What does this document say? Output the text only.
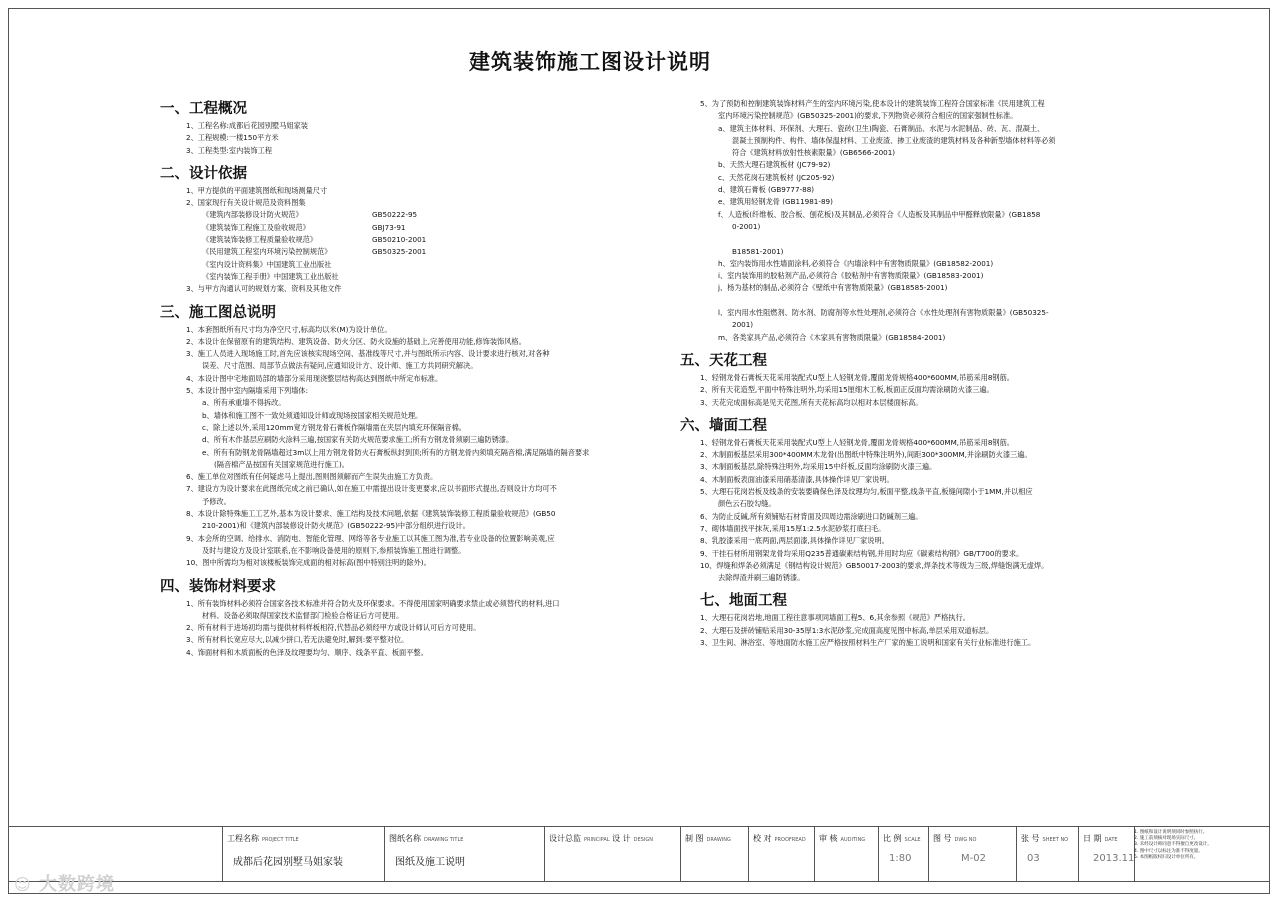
建筑装饰施工图设计说明
一、工程概况

1、工程名称:成都后花园别墅马姐家装

2、工程规模:一楼150平方米

3、工程类型:室内装饰工程

二、设计依据

1、甲方提供的平面建筑图纸和现场测量尺寸

2、国家现行有关设计规范及资料图集

《建筑内部装修设计防火规范》	GB50222-95

《建筑装饰工程施工及验收规范》	GBJ73-91

《建筑装饰装修工程质量验收规范》	GB50210-2001

《民用建筑工程室内环境污染控制规范》	GB50325-2001

《室内设计资料集》中国建筑工业出版社

《室内装饰工程手册》中国建筑工业出版社

3、与甲方沟通认可的规划方案、资料及其他文件

三、施工图总说明

1、本套图纸所有尺寸均为净空尺寸,标高均以米(M)为设计单位。

2、本设计在保留原有的建筑结构、建筑设备、防火分区、防火设施的基础上,完善使用功能,修饰装饰风格。

3、施工人员进入现场施工时,首先应该核实现场空间、基准线等尺寸,并与图纸所示内容、设计要求进行核对,对各种

误差、尺寸范围、局部节点做法有疑问,应通知设计方、设计师、施工方共同研究解决。

4、本设计图中宅地面局部的墙部分采用现浇整层结构高达到图纸中所定布标准。

5、本设计图中室内隔墙采用下列墙体:

a、所有承重墙不得拆改。

b、墙体和施工图不一致处须通知设计师或现场按国家相关规范处理。

c、除上述以外,采用120mm宽方钢龙骨石膏板作隔墙需在夹层内填充环保隔音棉。

d、所有木作基层应刷防火涂料三遍,按国家有关防火规范要求施工;所有方钢龙骨须刷三遍防锈漆。

e、所有有防钢龙骨隔墙超过3m以上用方钢龙骨防火石膏板纵封到顶;所有的方钢龙骨内须填充隔音棉,满足隔墙的隔音要求

(隔音棉产品按国有关国家规范进行施工)。

6、施工单位对图纸有任何疑虑马上提出,图则图须解而产生误失由施工方负责。

7、建设方为设计要求在此图纸完成之前已确认,如在施工中需提出设计变更要求,应以书面形式提出,否则设计方均可不

予修改。

8、本设计除特殊施工工艺外,基本为设计要求、施工结构及技术问题,依据《建筑装饰装修工程质量验收规范》(GB50

210-2001)和《建筑内部装修设计防火规范》(GB50222-95)中部分组织进行设计。

9、本会所的空调、给排水、消防电、智能化管理、网络等各专业施工以其施工图为准,若专业设备的位置影响美观,应

及时与建设方及设计室联系,在不影响设备使用的原则下,参照装饰施工图进行调整。

10、图中所需均为相对该楼板装饰完成面的相对标高(图中特别注明的除外)。

四、装饰材料要求

1、所有装饰材料必须符合国家各技术标准并符合防火及环保要求。不得使用国家明确要求禁止或必须替代的材料,进口

材料、设备必须取得国家技术监督部门检验合格证后方可使用。

2、所有材料于进场初均需与提供材料样板相符,代替品必须经甲方或设计师认可后方可使用。

3、所有材料长宽应尽大,以减少拼口,若无法避免时,解到:要平整对位。

4、饰面材料和木质面板的色泽及纹理要均匀、顺序、线条平直、板面平整。

5、为了预防和控制建筑装饰材料产生的室内环境污染,使本设计的建筑装饰工程符合国家标准《民用建筑工程

室内环境污染控制规范》(GB50325-2001)的要求,下列物资必须符合相应的国家强制性标准。

a、建筑主体材料、环保剂、大理石、瓷砖(卫生)陶瓷、石膏制品、水泥与水泥制品、砖、瓦、混凝土、

混凝土预制构件、构件、墙体保温材料、工业废渣、掺工业废渣的建筑材料及各种新型墙体材料等必须

符合《建筑材料放射性核素限量》(GB6566-2001)

b、天然大理石建筑板材 (JC79-92)

c、天然花岗石建筑板材 (JC205-92)

d、建筑石膏板 (GB9777-88)

e、建筑用轻钢龙骨 (GB11981-89)

f、人造板(纤维板、胶合板、刨花板)及其制品,必须符合《人造板及其制品中甲醛释放限量》(GB1858

0-2001)

B18581-2001)

h、室内装饰用水性墙面涂料,必须符合《内墙涂料中有害物质限量》(GB18582-2001)

i、室内装饰用的胶粘剂产品,必须符合《胶粘剂中有害物质限量》(GB18583-2001)

j、杨为基材的制品,必须符合《壁纸中有害物质限量》(GB18585-2001)

l、室内用水性阻燃剂、防水剂、防腐剂等水性处理剂,必须符合《水性处理剂有害物质限量》(GB50325-

2001)

m、各类家具产品,必须符合《木家具有害物质限量》(GB18584-2001)

五、天花工程

1、轻钢龙骨石膏板天花采用装配式U型上人轻钢龙骨,覆面龙骨规格400*600MM,吊筋采用8钢筋。

2、所有天花造型,平面中特殊注明外,均采用15厘细木工板,板面正反面均需涂刷防火漆三遍。

3、天花完成面标高是见天花图,所有天花标高均以相对本层楼面标高。

六、墙面工程

1、轻钢龙骨石膏板天花采用装配式U型上人轻钢龙骨,覆面龙骨规格400*600MM,吊筋采用8钢筋。

2、木制面板基层采用300*400MM木龙骨(出图纸中特殊注明外),间距300*300MM,并涂刷防火漆三遍。

3、木制面板基层,除特殊注明外,均采用15中纤板,反面均涂刷防火漆三遍。

4、木制面板表面油漆采用硝基清漆,具体操作详见厂家说明。

5、大理石花岗岩板及线条的安装要确保色泽及纹理均匀,板面平整,线条平直,板缝间隙小于1MM,并以相应

颜色云石胶勾缝。

6、为防止反碱,所有须铺贴石材背面及四周边需涂刷进口防碱剂三遍。

7、砌体墙面找平抹灰,采用15厚1:2.5水泥砂浆打底扫毛。

8、乳胶漆采用一底两面,两层面漆,具体操作详见厂家说明。

9、干挂石材所用钢架龙骨均采用Q235普通碳素结构钢,并用时均应《碳素结构钢》GB/T700的要求。

10、焊缝和焊条必须满足《钢结构设计规范》GB50017-2003的要求,焊条技术等级为三级,焊缝饱满无虚焊。

去除焊渣并刷三遍防锈漆。

七、地面工程

1、大理石花岗岩地,地面工程往意事项同墙面工程5、6,其余参照《规范》严格执行。

2、大理石及拼砖铺贴采用30-35厚1:3水泥砂浆,完成面高度见图中标高,单层采用双道标层。

3、卫生间、淋浴室、等地面防水施工应严格按照材料生产厂家的施工说明和国家有关行业标准进行施工。

工程名称 PROJECT TITLE
成都后花园别墅马姐家装
图纸名称 DRAWING TITLE
图纸及施工说明
设计总监 PRINCIPAL 设 计 DESIGN	制 图 DRAWING	校 对 PROOFREAD 审 核 AUDITING 比 例 SCALE
1:80
图 号 DWG NO
M-02
张 号 SHEET NO
03
日 期 DATE
2013.11

1. 图纸和设计说明须同时参照执行。

2. 施工前须核对现场实际尺寸。

3. 未经设计师同意不得擅自更改设计。

4. 图中尺寸以标注为准不得度量。

5. 本图纸版权归设计单位所有。

☺ 大数跨境
